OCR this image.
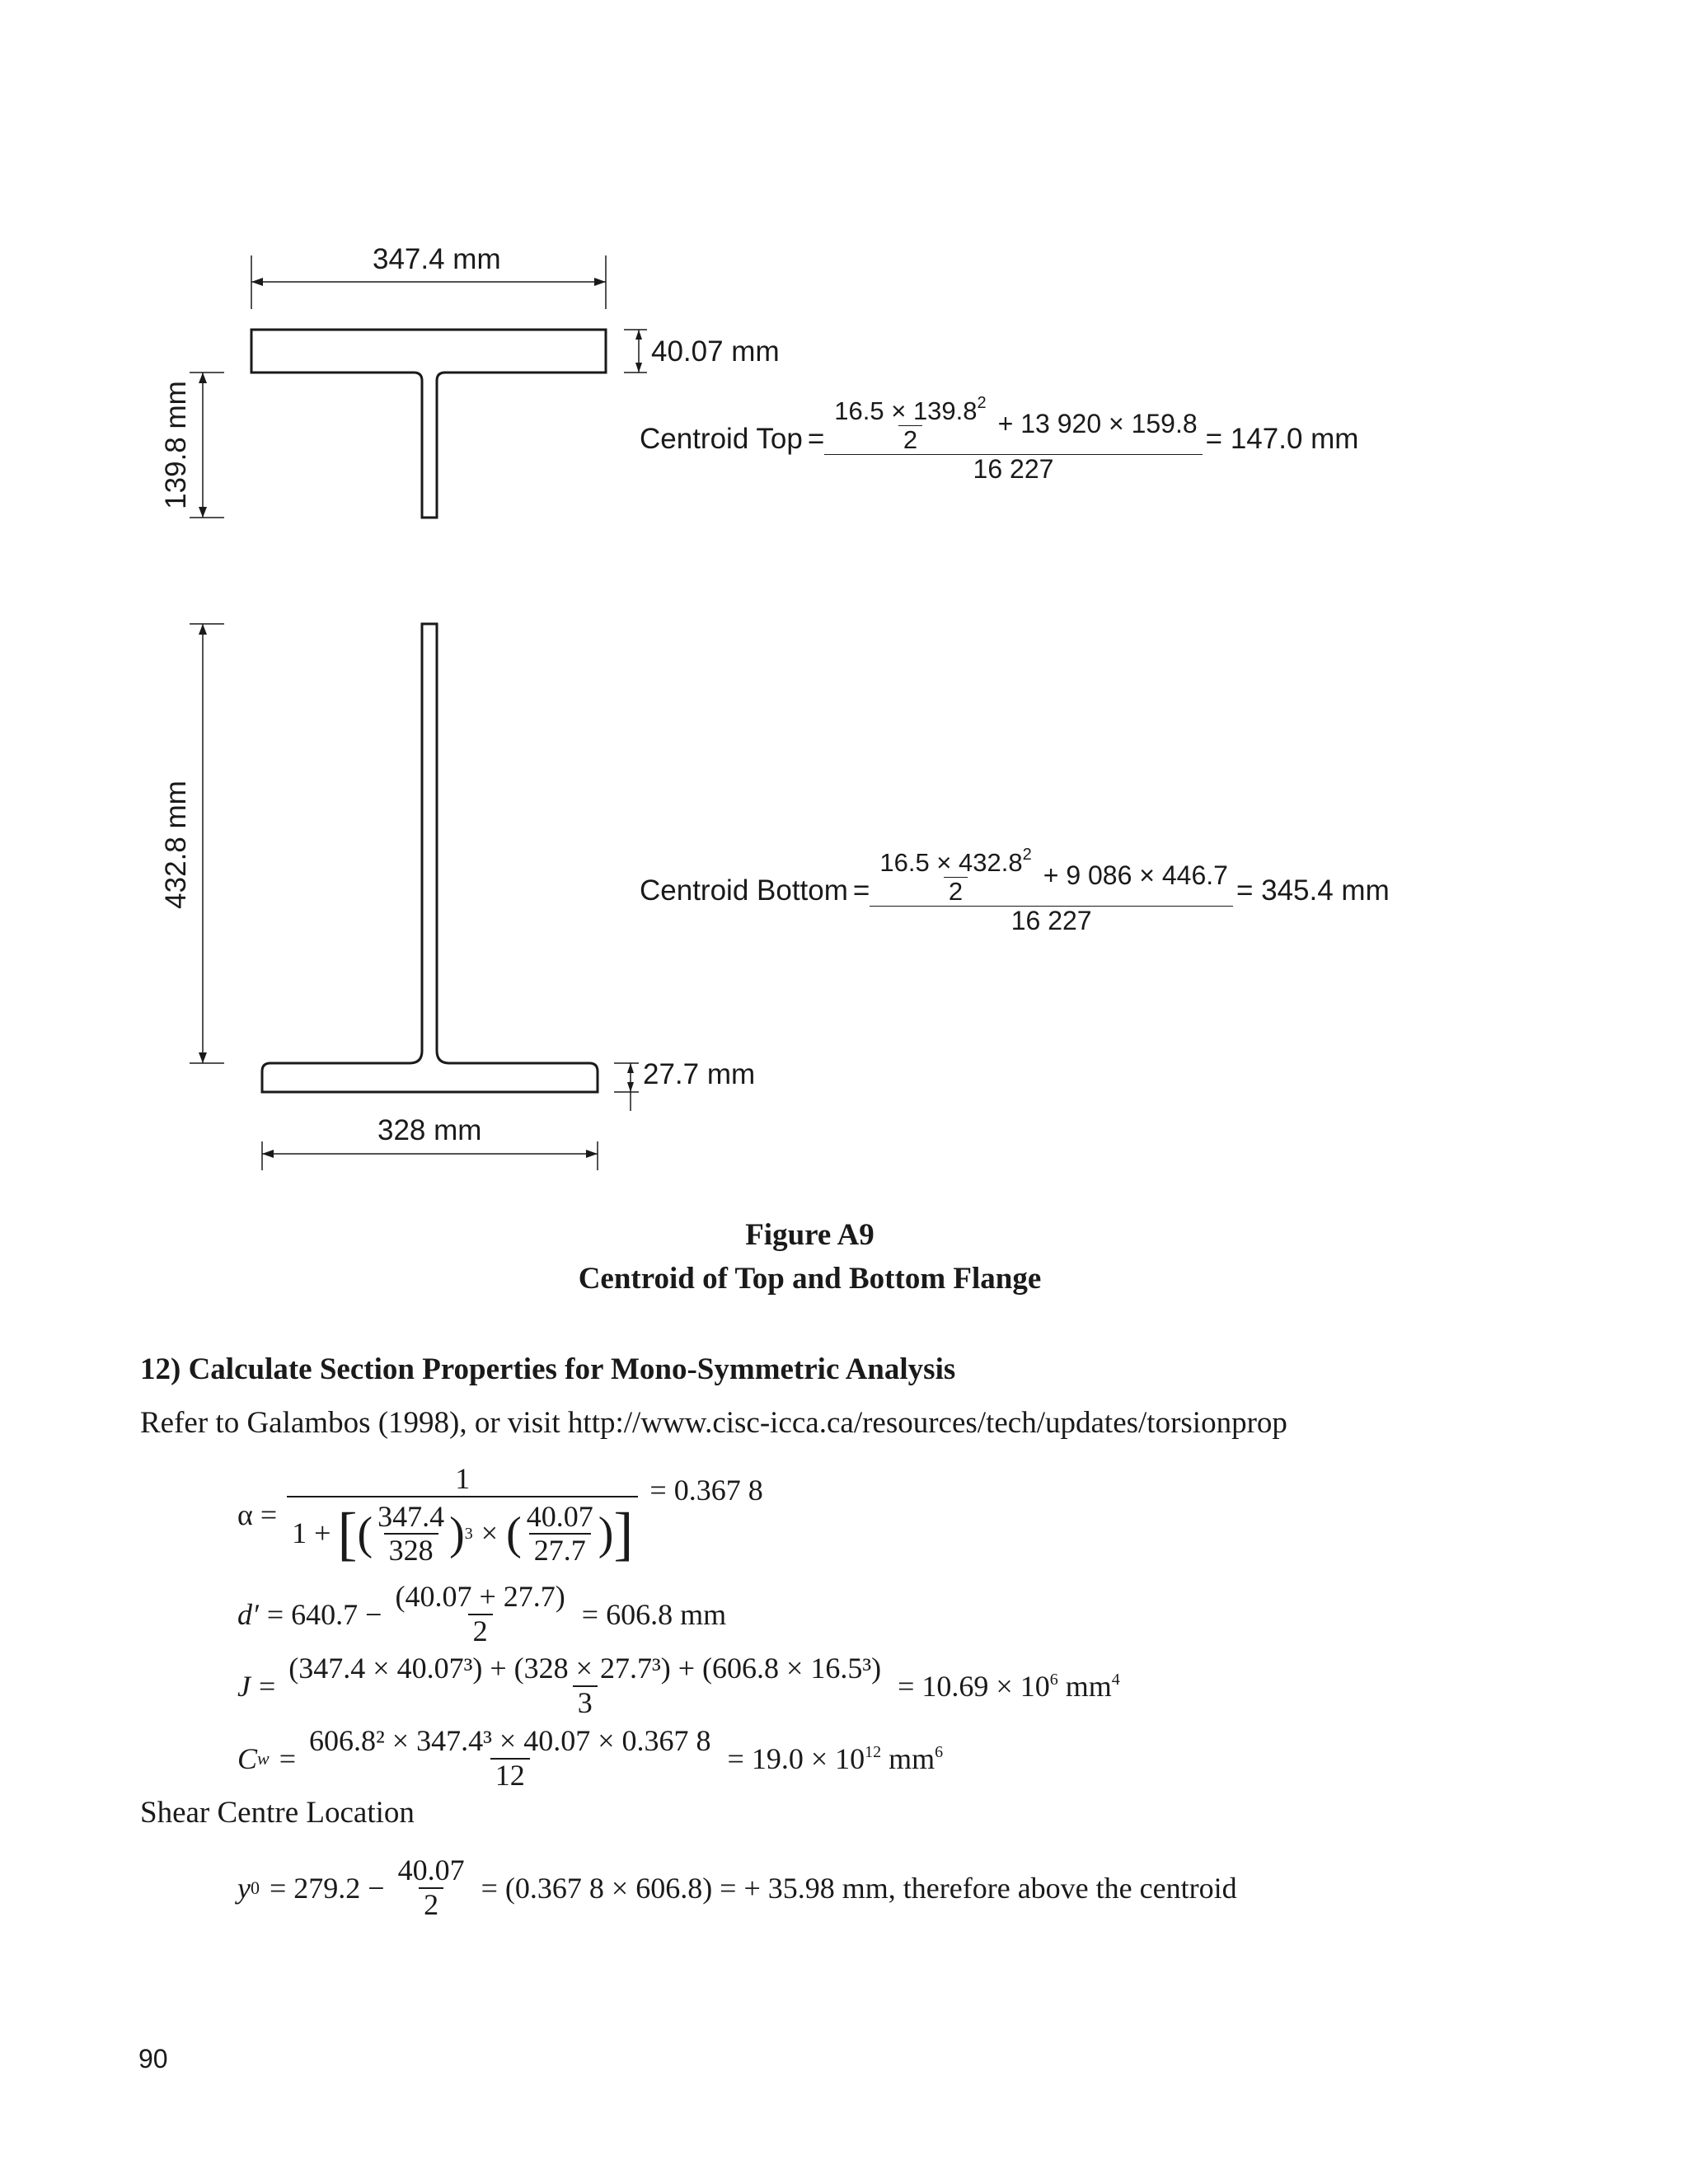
347.4 mm
40.07 mm
139.8 mm
432.8 mm
27.7 mm
328 mm
Centroid Top = $\frac{\frac{16.5 \times 139.8^2}{2} + 13 920 \times 159.8}{16 227} = 147.0$ mm
Centroid Bottom = $\frac{\frac{16.5 \times 432.8^2}{2} + 9 086 \times 446.7}{16 227} = 345.4$ mm
Figure A9
Centroid of Top and Bottom Flange
12) Calculate Section Properties for Mono-Symmetric Analysis
Refer to Galambos (1998), or visit http://www.cisc-icca.ca/resources/tech/updates/torsionprop
α =
1
1 + [ ( $\frac{347.4}{328}$ ) 3 × ( $\frac{40.07}{27.7}$ ) ]
= 0.367 8
$d' = 640.7 - \frac{(40.07 + 27.7)}{2} = 606.8$ mm
$J = \frac{\text{(347.4 × 40.07³) + (328 × 27.7³) + (606.8 × 16.5³)}}{3} = 10.69 \times 10^6$ $mm^4$
C $w = \frac{\text{606.8² × 347.4³ × 40.07 × 0.367 8}}{12} = 19.0 \times 10^{12}$ $mm^6$
Shear Centre Location
y $0 = 279.2 - \frac{40.07}{2} = (0.367$ 8 × 606.8) = + 35.98 mm, therefore above the centroid
90
